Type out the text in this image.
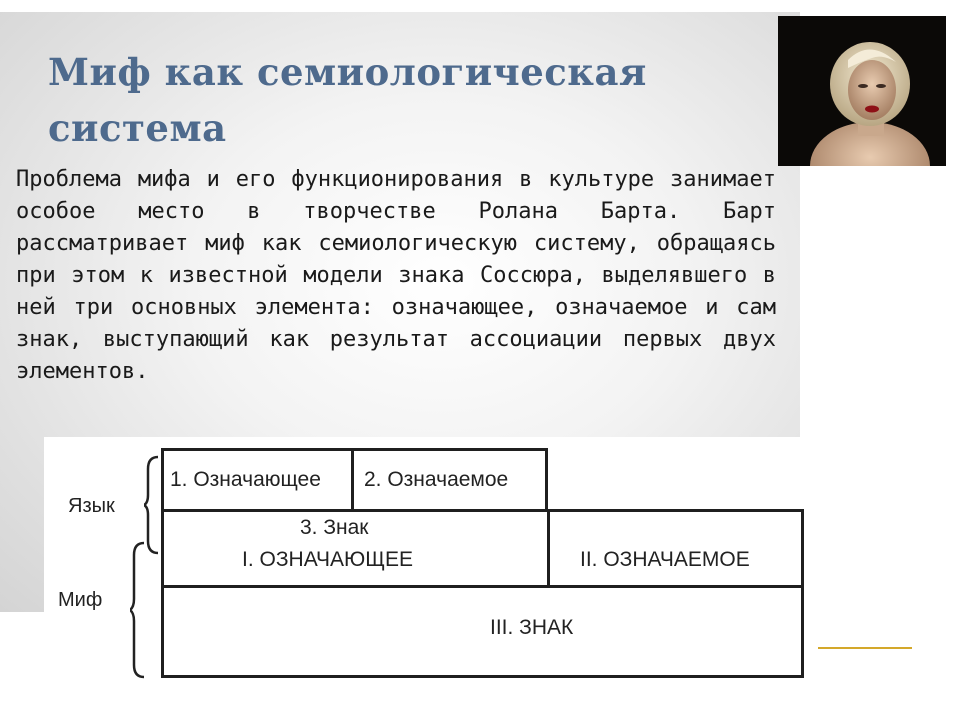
Миф как семиологическая система

Проблема мифа и его функционирования в культуре занимает особое место в творчестве Ролана Барта. Барт рассматривает миф как семиологическую систему, обращаясь при этом к известной модели знака Соссюра, выделявшего в ней три основных элемента: означающее, означаемое и сам знак, выступающий как результат ассоциации первых двух элементов.

Язык
Миф
1. Означающее 2. Означаемое
3. Знак
I. ОЗНАЧАЮЩЕЕ	II. ОЗНАЧАЕМОЕ
III. ЗНАК
